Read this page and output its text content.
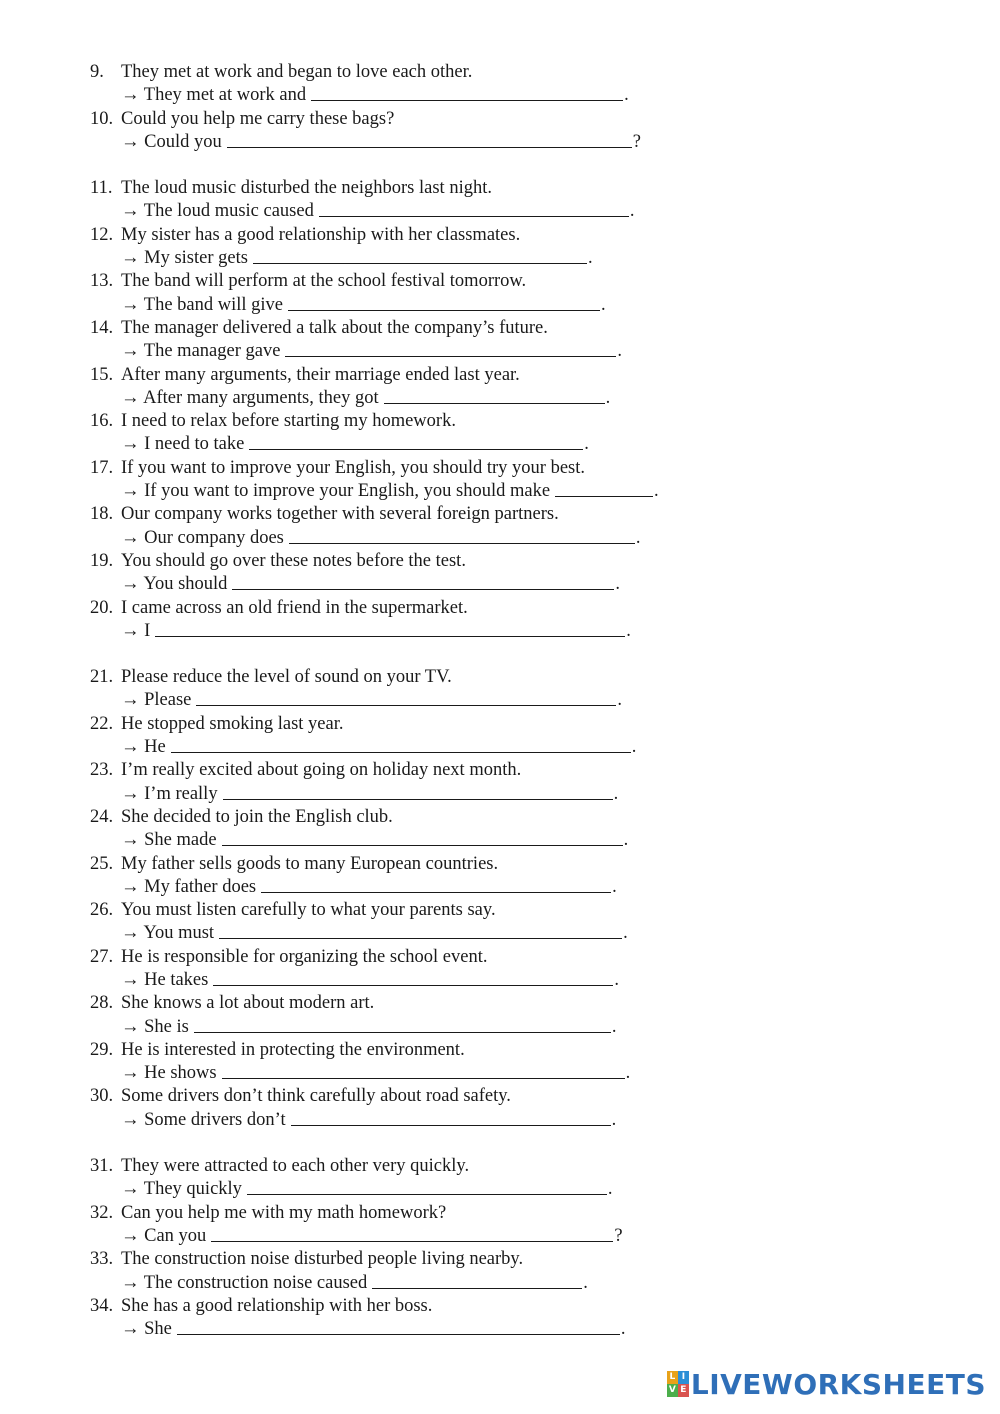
9. They met at work and began to love each other.
→ They met at work and	.
10. Could you help me carry these bags?
→ Could you	?
11. The loud music disturbed the neighbors last night.
→ The loud music caused	.
12. My sister has a good relationship with her classmates.
→ My sister gets	.
13. The band will perform at the school festival tomorrow.
→ The band will give	.
14. The manager delivered a talk about the company’s future.
→ The manager gave	.
15. After many arguments, their marriage ended last year.
→ After many arguments, they got	.
16. I need to relax before starting my homework.
→ I need to take	.
17. If you want to improve your English, you should try your best.
→ If you want to improve your English, you should make	.
18. Our company works together with several foreign partners.
→ Our company does	.
19. You should go over these notes before the test.
→ You should	.
20. I came across an old friend in the supermarket.
→ I	.
21. Please reduce the level of sound on your TV.
→ Please	.
22. He stopped smoking last year.
→ He	.
23. I’m really excited about going on holiday next month.
→ I’m really	.
24. She decided to join the English club.
→ She made	.
25. My father sells goods to many European countries.
→ My father does	.
26. You must listen carefully to what your parents say.
→ You must	.
27. He is responsible for organizing the school event.
→ He takes	.
28. She knows a lot about modern art.
→ She is	.
29. He is interested in protecting the environment.
→ He shows	.
30. Some drivers don’t think carefully about road safety.
→ Some drivers don’t	.
31. They were attracted to each other very quickly.
→ They quickly	.
32. Can you help me with my math homework?
→ Can you	?
33. The construction noise disturbed people living nearby.
→ The construction noise caused	.
34. She has a good relationship with her boss.
→ She	.
L I
V E LIVEWORKSHEETS
